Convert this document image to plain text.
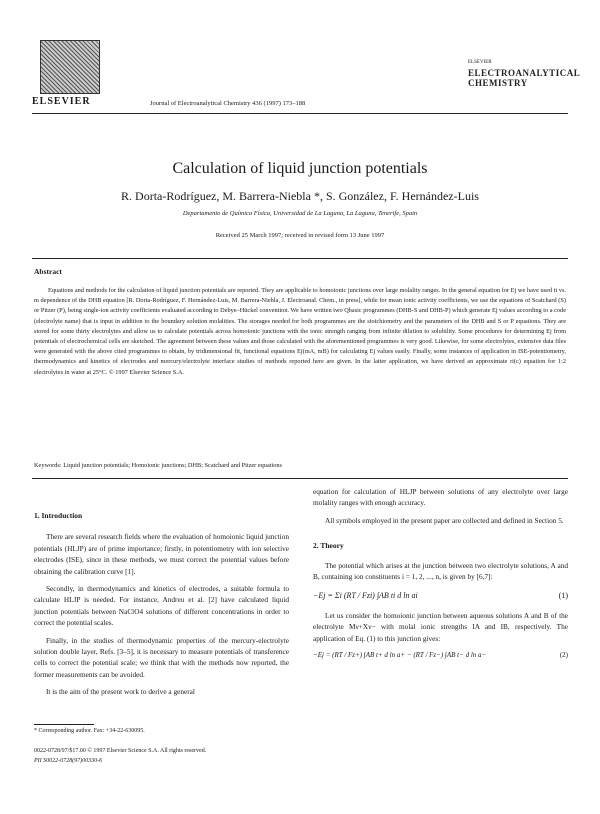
ELSEVIER	Journal of Electroanalytical Chemistry 436 (1997) 173–188
ELSEVIER
ELECTROANALYTICAL CHEMISTRY
Calculation of liquid junction potentials
R. Dorta-Rodríguez, M. Barrera-Niebla *, S. González, F. Hernández-Luis
Departamento de Química Física, Universidad de La Laguna, La Laguna, Tenerife, Spain
Received 25 March 1997; received in revised form 13 June 1997
Abstract
Equations and methods for the calculation of liquid junction potentials are reported. They are applicable to homoionic junctions over large molality ranges. In the general equation for Ej we have used ti vs. m dependence of the DHB equation [R. Dorta-Rodríguez, F. Hernández-Luis, M. Barrera-Niebla, J. Electroanal. Chem., in press], while for mean ionic activity coefficients, we use the equations of Scatchard (S) or Pitzer (P), being single-ion activity coefficients evaluated according to Debye–Hückel convention. We have written two Qbasic programmes (DHB-S and DHB-P) which generate Ej values according to a code (electrolyte name) that is input in addition to the boundary solution molalities. The storages needed for both programmes are the stoichiometry and the parameters of the DHB and S or P equations. They are stored for some thirty electrolytes and allow us to calculate potentials across homoionic junctions with the ionic strength ranging from infinite dilution to solubility. Some procedures for determining Ej from potentials of electrochemical cells are sketched. The agreement between these values and those calculated with the aforementioned programmes is very good. Likewise, for some electrolytes, extensive data files were generated with the above cited programmes to obtain, by tridimensional fit, functional equations Ej(mA, mB) for calculating Ej values easily. Finally, some instances of application in ISE-potentiometry, thermodynamics and kinetics of electrodes and mercury/electrolyte interface studies of methods reported here are given. In the latter application, we have derived an approximate ri(c) equation for 1:2 electrolytes in water at 25°C. © 1997 Elsevier Science S.A.
Keywords: Liquid junction potentials; Homoionic junctions; DHB; Scatchard and Pitzer equations
1. Introduction

There are several research fields where the evaluation of homoionic liquid junction potentials (HLJP) are of prime importance; firstly, in potentiometry with ion selective electrodes (ISE), since in these methods, we must correct the potential values before obtaining the calibration curve [1].

Secondly, in thermodynamics and kinetics of electrodes, a suitable formula to calculate HLJP is needed. For instance, Andreu et al. [2] have calculated liquid junction potentials between NaClO4 solutions of different concentrations in order to correct the potential scales.

Finally, in the studies of thermodynamic properties of the mercury-electrolyte solution double layer, Refs. [3–5], it is necessary to measure potentials of transference cells to correct the potential scale; we think that with the methods now reported, the former measurements can be avoided.

It is the aim of the present work to derive a general

equation for calculation of HLJP between solutions of any electrolyte over large molality ranges with enough accuracy.

All symbols employed in the present paper are collected and defined in Section 5.

2. Theory

The potential which arises at the junction between two electrolyte solutions, A and B, containing ion constituents i = 1, 2, ..., n, is given by [6,7]:

−Ej = Σi (RT / Fzi) ∫AB ti d ln ai	(1)

Let us consider the homoionic junction between aqueous solutions A and B of the electrolyte Mν+Xν− with molal ionic strengths IA and IB, respectively. The application of Eq. (1) to this junction gives:

−Ej = (RT / Fz+) ∫AB t+ d ln a+ − (RT / Fz−) ∫AB t− d ln a−	(2)
* Corresponding author. Fax: +34-22-630095.
0022-0728/97/$17.00 © 1997 Elsevier Science S.A. All rights reserved.
PII S0022-0728(97)00330-6
